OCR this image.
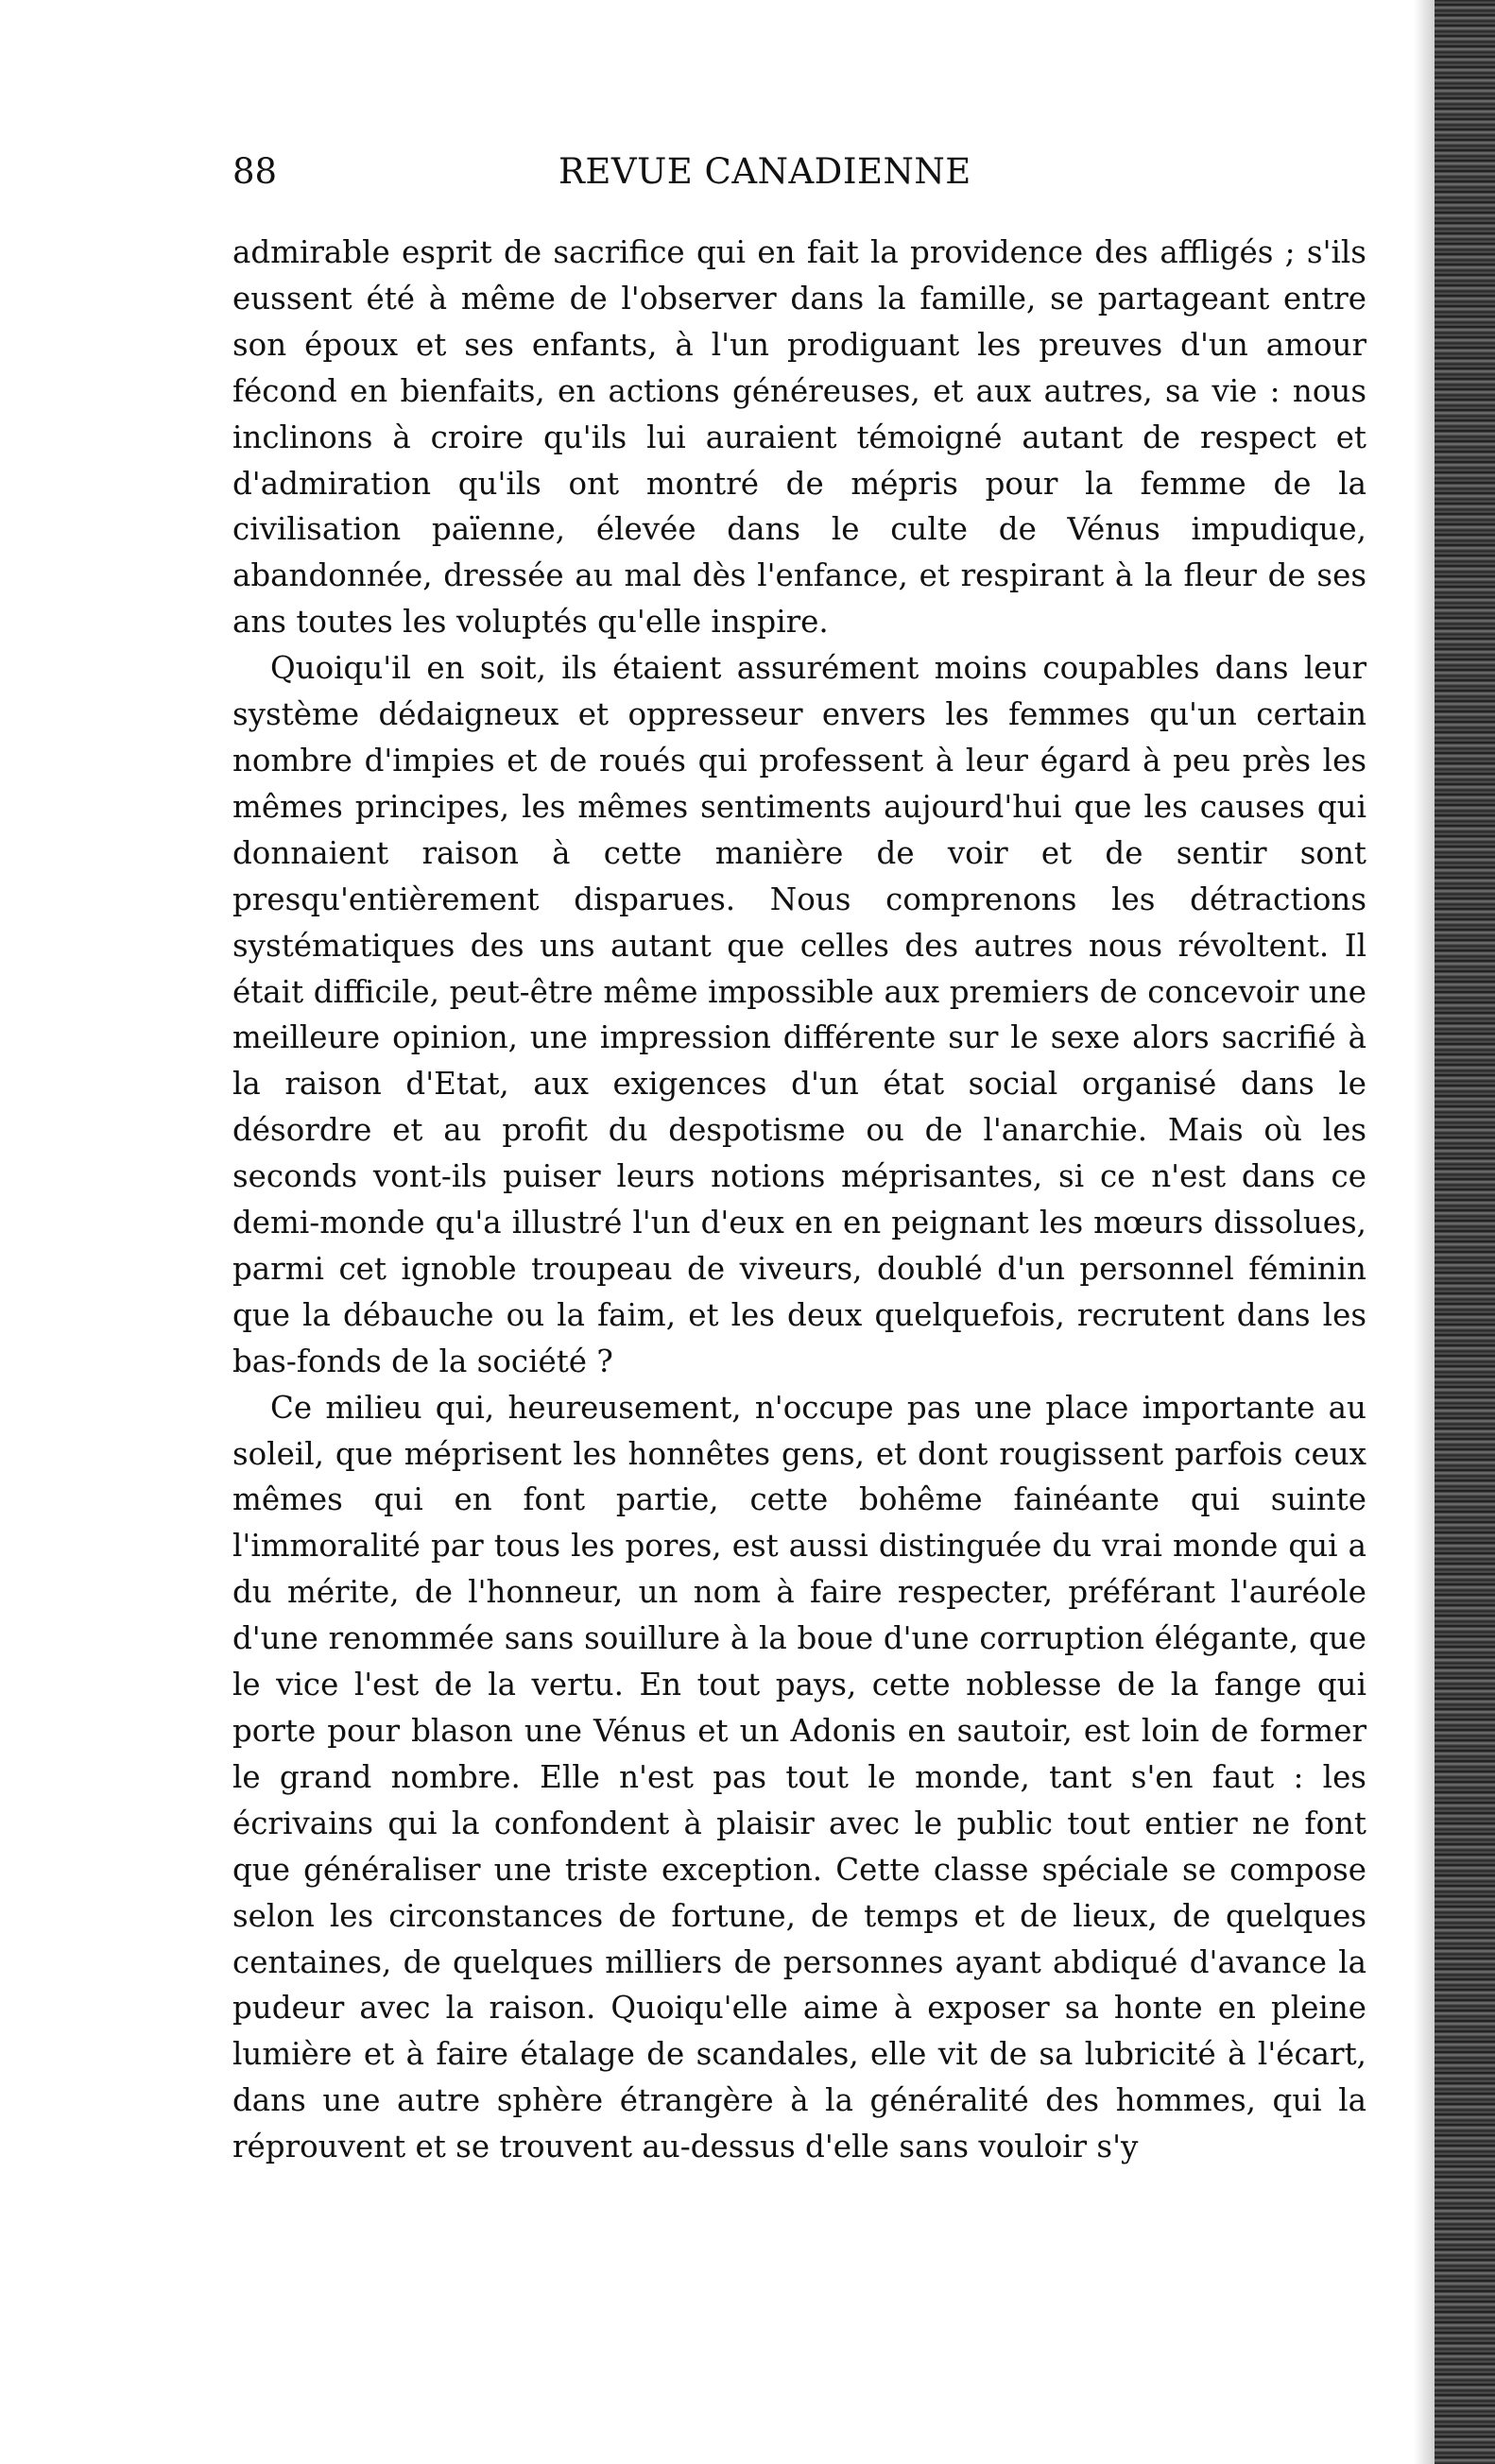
88	REVUE CANADIENNE

admirable esprit de sacrifice qui en fait la providence des affligés ; s'ils eussent été à même de l'observer dans la famille, se partageant entre son époux et ses enfants, à l'un prodiguant les preuves d'un amour fécond en bienfaits, en actions généreuses, et aux autres, sa vie : nous inclinons à croire qu'ils lui auraient témoigné autant de respect et d'admiration qu'ils ont montré de mépris pour la femme de la civilisation païenne, élevée dans le culte de Vénus impudique, abandonnée, dressée au mal dès l'enfance, et respirant à la fleur de ses ans toutes les voluptés qu'elle inspire.

Quoiqu'il en soit, ils étaient assurément moins coupables dans leur système dédaigneux et oppresseur envers les femmes qu'un certain nombre d'impies et de roués qui professent à leur égard à peu près les mêmes principes, les mêmes sentiments aujourd'hui que les causes qui donnaient raison à cette manière de voir et de sentir sont presqu'entièrement disparues. Nous comprenons les détractions systématiques des uns autant que celles des autres nous révoltent. Il était difficile, peut-être même impossible aux premiers de concevoir une meilleure opinion, une impression différente sur le sexe alors sacrifié à la raison d'Etat, aux exigences d'un état social organisé dans le désordre et au profit du despotisme ou de l'anarchie. Mais où les seconds vont-ils puiser leurs notions méprisantes, si ce n'est dans ce demi-monde qu'a illustré l'un d'eux en en peignant les mœurs dissolues, parmi cet ignoble troupeau de viveurs, doublé d'un personnel féminin que la débauche ou la faim, et les deux quelquefois, recrutent dans les bas-fonds de la société ?

Ce milieu qui, heureusement, n'occupe pas une place importante au soleil, que méprisent les honnêtes gens, et dont rougissent parfois ceux mêmes qui en font partie, cette bohême fainéante qui suinte l'immoralité par tous les pores, est aussi distinguée du vrai monde qui a du mérite, de l'honneur, un nom à faire respecter, préférant l'auréole d'une renommée sans souillure à la boue d'une corruption élégante, que le vice l'est de la vertu. En tout pays, cette noblesse de la fange qui porte pour blason une Vénus et un Adonis en sautoir, est loin de former le grand nombre. Elle n'est pas tout le monde, tant s'en faut : les écrivains qui la confondent à plaisir avec le public tout entier ne font que généraliser une triste exception. Cette classe spéciale se compose selon les circonstances de fortune, de temps et de lieux, de quelques centaines, de quelques milliers de personnes ayant abdiqué d'avance la pudeur avec la raison. Quoiqu'elle aime à exposer sa honte en pleine lumière et à faire étalage de scandales, elle vit de sa lubricité à l'écart, dans une autre sphère étrangère à la généralité des hommes, qui la réprouvent et se trouvent au-dessus d'elle sans vouloir s'y
